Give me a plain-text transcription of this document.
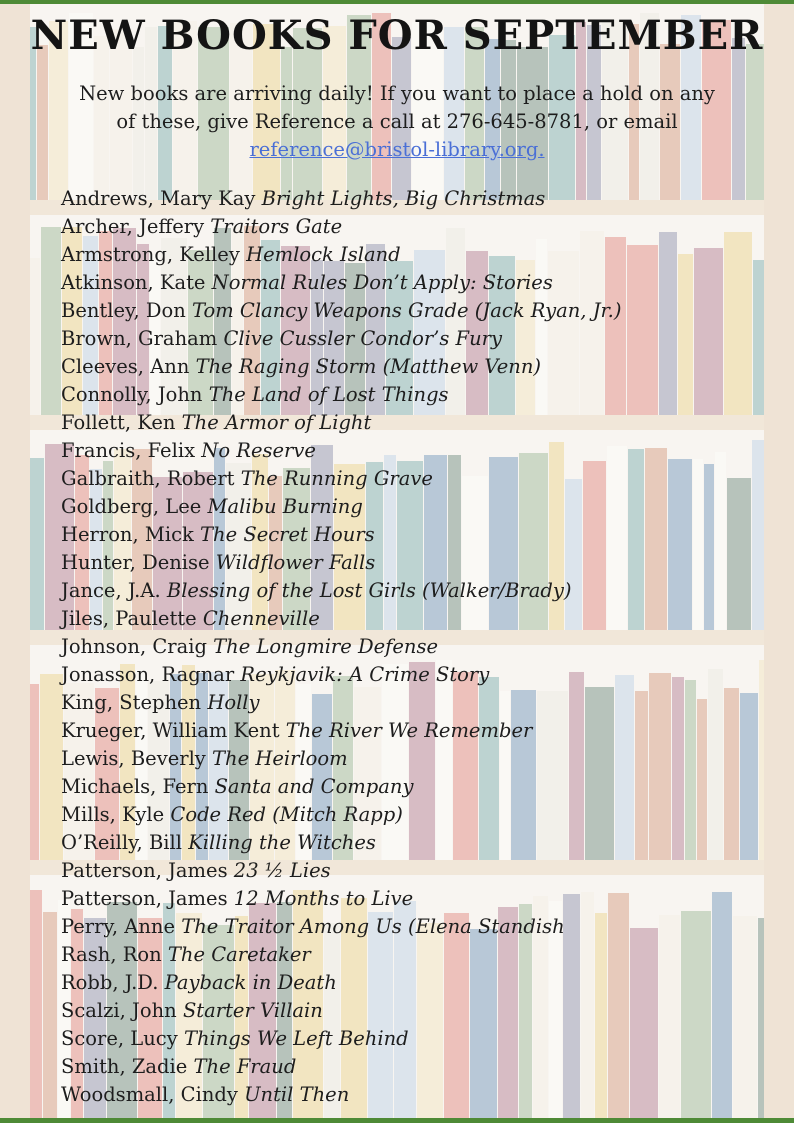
NEW BOOKS FOR SEPTEMBER

New books are arriving daily! If you want to place a hold on any of these, give Reference a call at 276-645-8781, or email reference@bristol-library.org.

Andrews, Mary Kay Bright Lights, Big Christmas
Archer, Jeffery Traitors Gate
Armstrong, Kelley Hemlock Island
Atkinson, Kate Normal Rules Don’t Apply: Stories
Bentley, Don Tom Clancy Weapons Grade (Jack Ryan, Jr.)
Brown, Graham Clive Cussler Condor’s Fury
Cleeves, Ann The Raging Storm (Matthew Venn)
Connolly, John The Land of Lost Things
Follett, Ken The Armor of Light
Francis, Felix No Reserve
Galbraith, Robert The Running Grave
Goldberg, Lee Malibu Burning
Herron, Mick The Secret Hours
Hunter, Denise Wildflower Falls
Jance, J.A. Blessing of the Lost Girls (Walker/Brady)
Jiles, Paulette Chenneville
Johnson, Craig The Longmire Defense
Jonasson, Ragnar Reykjavik: A Crime Story
King, Stephen Holly
Krueger, William Kent The River We Remember
Lewis, Beverly The Heirloom
Michaels, Fern Santa and Company
Mills, Kyle Code Red (Mitch Rapp)
O’Reilly, Bill Killing the Witches
Patterson, James 23 ½ Lies
Patterson, James 12 Months to Live
Perry, Anne The Traitor Among Us (Elena Standish
Rash, Ron The Caretaker
Robb, J.D. Payback in Death
Scalzi, John Starter Villain
Score, Lucy Things We Left Behind
Smith, Zadie The Fraud
Woodsmall, Cindy Until Then
